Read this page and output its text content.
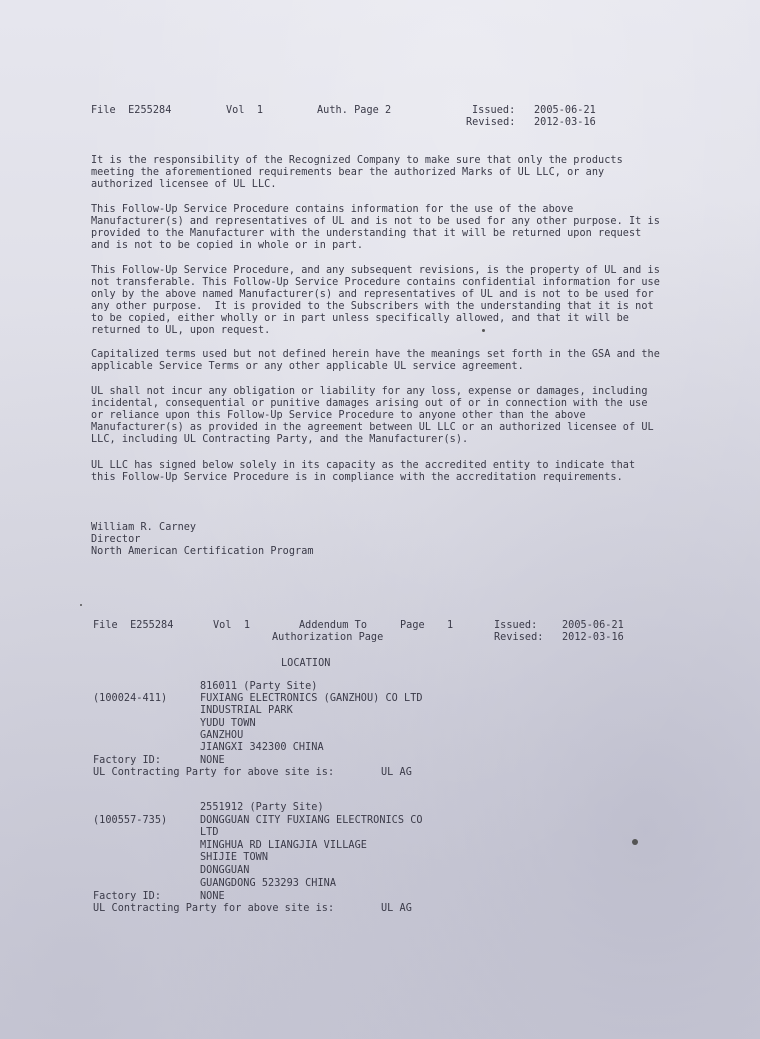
File  E255284	Vol  1	Auth. Page 2	Issued: 2005-06-21
Revised: 2012-03-16
It is the responsibility of the Recognized Company to make sure that only the products
meeting the aforementioned requirements bear the authorized Marks of UL LLC, or any
authorized licensee of UL LLC.
This Follow-Up Service Procedure contains information for the use of the above
Manufacturer(s) and representatives of UL and is not to be used for any other purpose. It is
provided to the Manufacturer with the understanding that it will be returned upon request
and is not to be copied in whole or in part.
This Follow-Up Service Procedure, and any subsequent revisions, is the property of UL and is
not transferable. This Follow-Up Service Procedure contains confidential information for use
only by the above named Manufacturer(s) and representatives of UL and is not to be used for
any other purpose.  It is provided to the Subscribers with the understanding that it is not
to be copied, either wholly or in part unless specifically allowed, and that it will be
returned to UL, upon request.
Capitalized terms used but not defined herein have the meanings set forth in the GSA and the
applicable Service Terms or any other applicable UL service agreement.
UL shall not incur any obligation or liability for any loss, expense or damages, including
incidental, consequential or punitive damages arising out of or in connection with the use
or reliance upon this Follow-Up Service Procedure to anyone other than the above
Manufacturer(s) as provided in the agreement between UL LLC or an authorized licensee of UL
LLC, including UL Contracting Party, and the Manufacturer(s).
UL LLC has signed below solely in its capacity as the accredited entity to indicate that
this Follow-Up Service Procedure is in compliance with the accreditation requirements.
William R. Carney
Director
North American Certification Program
File  E255284	Vol  1	Addendum To
Authorization Page
Page 1	Issued: 2005-06-21
Revised: 2012-03-16
LOCATION
816011 (Party Site)
(100024-411)	FUXIANG ELECTRONICS (GANZHOU) CO LTD
INDUSTRIAL PARK
YUDU TOWN
GANZHOU
JIANGXI 342300 CHINA
Factory ID:	NONE
UL Contracting Party for above site is:	UL AG
2551912 (Party Site)
(100557-735)	DONGGUAN CITY FUXIANG ELECTRONICS CO
LTD
MINGHUA RD LIANGJIA VILLAGE
SHIJIE TOWN
DONGGUAN
GUANGDONG 523293 CHINA
Factory ID:	NONE
UL Contracting Party for above site is:	UL AG
